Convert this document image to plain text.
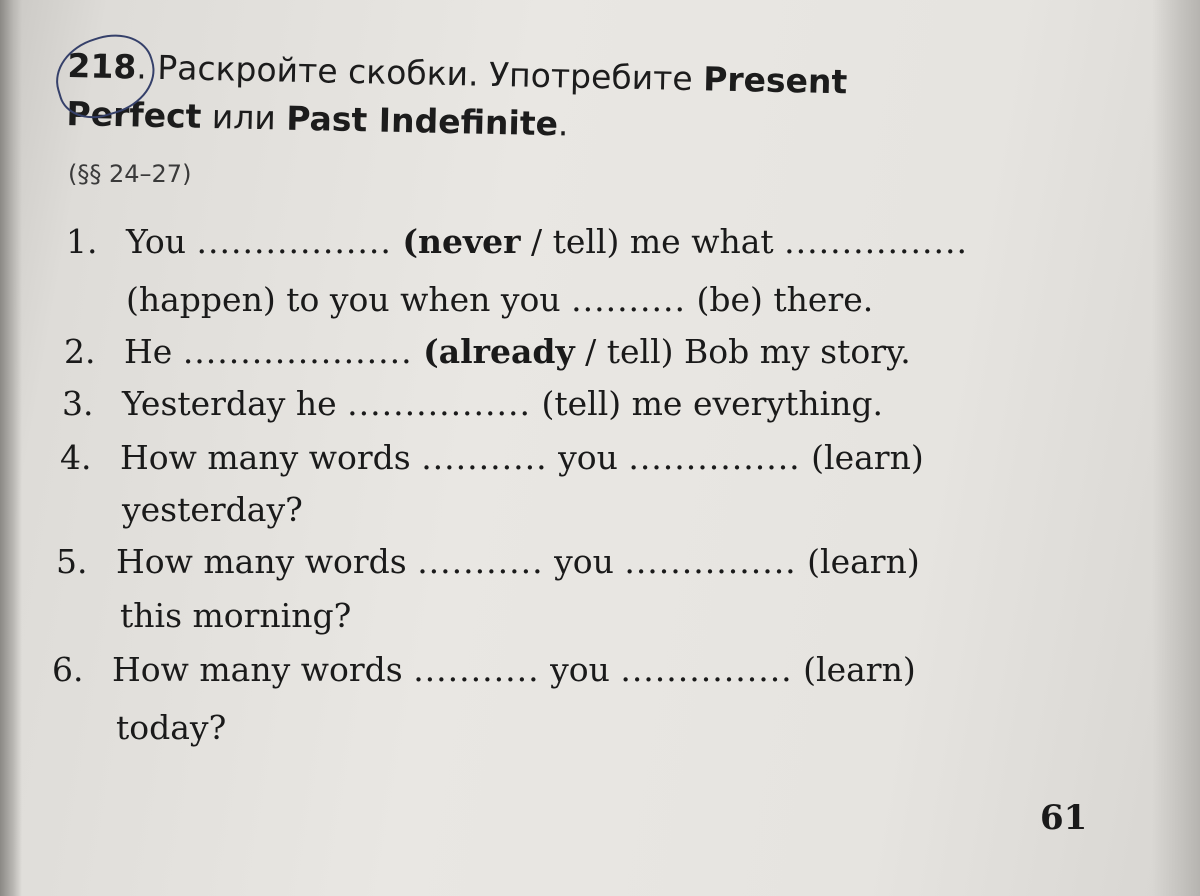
218. Раскройте скобки. Употребите Present
Perfect или Past Indefinite.
(§§ 24–27)
1. You ................. (never / tell) me what ................
(happen) to you when you .......... (be) there.
2. He .................... (already / tell) Bob my story.
3. Yesterday he ................ (tell) me everything.
4. How many words ........... you ............... (learn)
yesterday?
5. How many words ........... you ............... (learn)
this morning?
6. How many words ........... you ............... (learn)
today?
61
